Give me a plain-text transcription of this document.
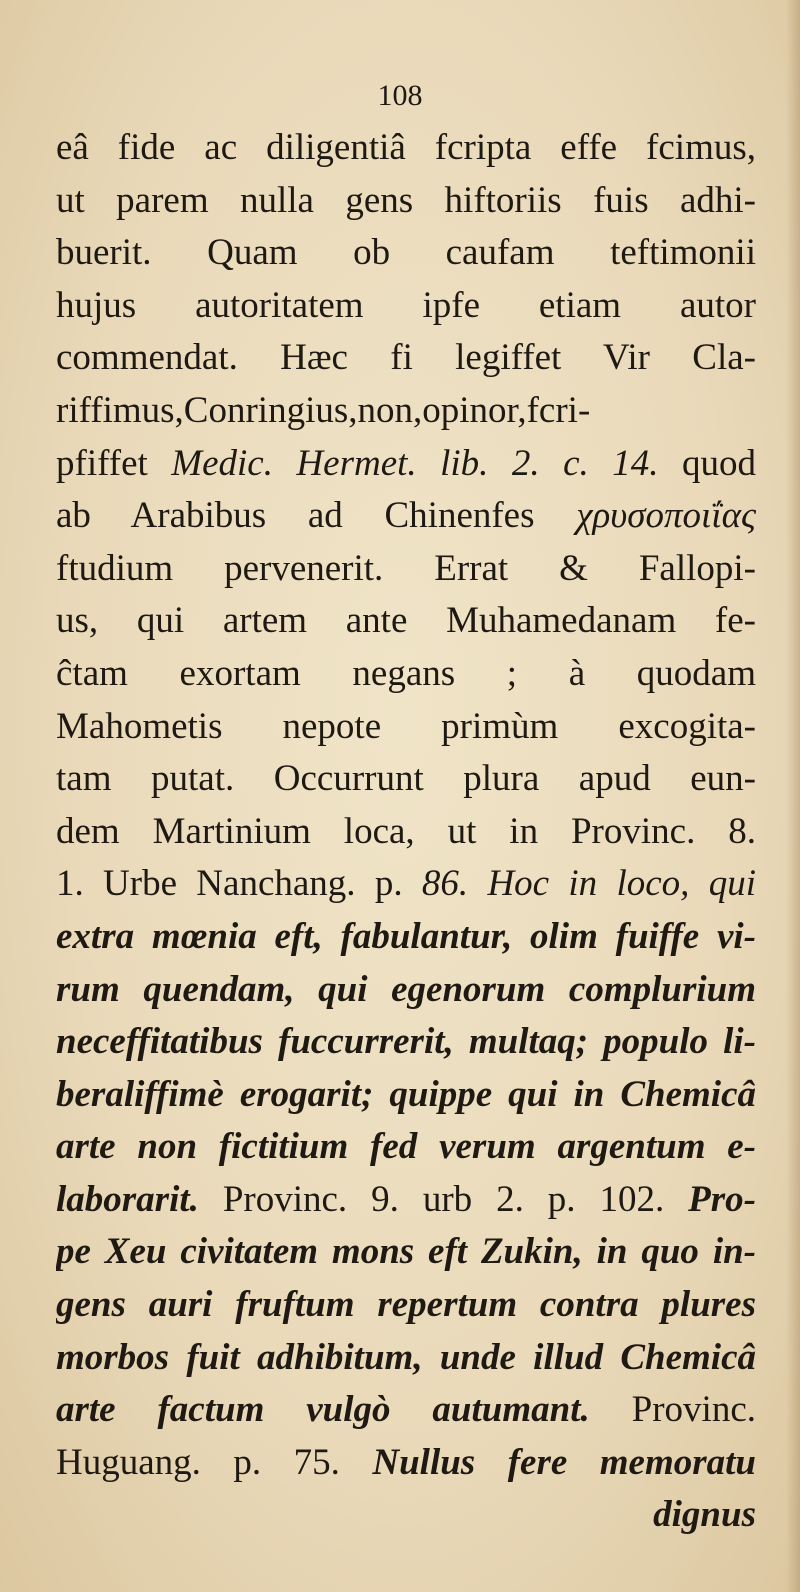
108
eâ fide ac diligentiâ fcripta effe fcimus,
ut parem nulla gens hiftoriis fuis adhi-
buerit. Quam ob caufam teftimonii
hujus autoritatem ipfe etiam autor
commendat. Hæc fi legiffet Vir Cla-
riffimus,Conringius,non,opinor,fcri-
pfiffet Medic. Hermet. lib. 2. c. 14. quod
ab Arabibus ad Chinenfes χρυσοποιΐας
ftudium pervenerit. Errat & Fallopi-
us, qui artem ante Muhamedanam fe-
ĉtam exortam negans ; à quodam
Mahometis nepote primùm excogita-
tam putat. Occurrunt plura apud eun-
dem Martinium loca, ut in Provinc. 8.
1. Urbe Nanchang. p. 86. Hoc in loco, qui
extra mœnia eft, fabulantur, olim fuiffe vi-
rum quendam, qui egenorum complurium
neceffitatibus fuccurrerit, multaq; populo li-
beraliffimè erogarit; quippe qui in Chemicâ
arte non fictitium fed verum argentum e-
laborarit. Provinc. 9. urb 2. p. 102. Pro-
pe Xeu civitatem mons eft Zukin, in quo in-
gens auri fruftum repertum contra plures
morbos fuit adhibitum, unde illud Chemicâ
arte factum vulgò autumant. Provinc.
Huguang. p. 75. Nullus fere memoratu
dignus
